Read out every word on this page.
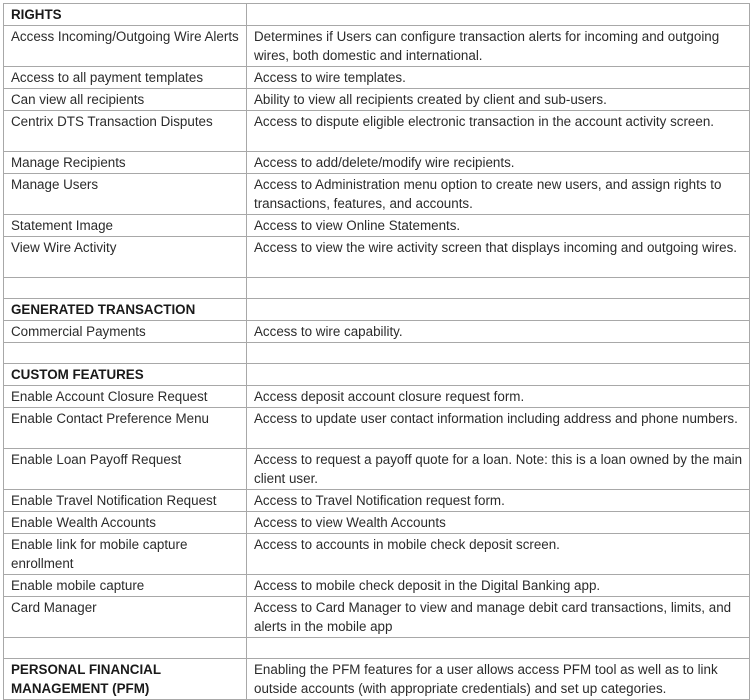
RIGHTS	
Access Incoming/Outgoing Wire Alerts	Determines if Users can configure transaction alerts for incoming and outgoing wires, both domestic and international.
Access to all payment templates	Access to wire templates.
Can view all recipients	Ability to view all recipients created by client and sub-users.
Centrix DTS Transaction Disputes	Access to dispute eligible electronic transaction in the account activity screen.
Manage Recipients	Access to add/delete/modify wire recipients.
Manage Users	Access to Administration menu option to create new users, and assign rights to transactions, features, and accounts.
Statement Image	Access to view Online Statements.
View Wire Activity	Access to view the wire activity screen that displays incoming and outgoing wires.

GENERATED TRANSACTION	
Commercial Payments	Access to wire capability.

CUSTOM FEATURES	
Enable Account Closure Request	Access deposit account closure request form.
Enable Contact Preference Menu	Access to update user contact information including address and phone numbers.
Enable Loan Payoff Request	Access to request a payoff quote for a loan. Note: this is a loan owned by the main client user.
Enable Travel Notification Request	Access to Travel Notification request form.
Enable Wealth Accounts	Access to view Wealth Accounts
Enable link for mobile capture enrollment	Access to accounts in mobile check deposit screen.
Enable mobile capture	Access to mobile check deposit in the Digital Banking app.
Card Manager	Access to Card Manager to view and manage debit card transactions, limits, and alerts in the mobile app

PERSONAL FINANCIAL MANAGEMENT (PFM)	Enabling the PFM features for a user allows access PFM tool as well as to link outside accounts (with appropriate credentials) and set up categories.
